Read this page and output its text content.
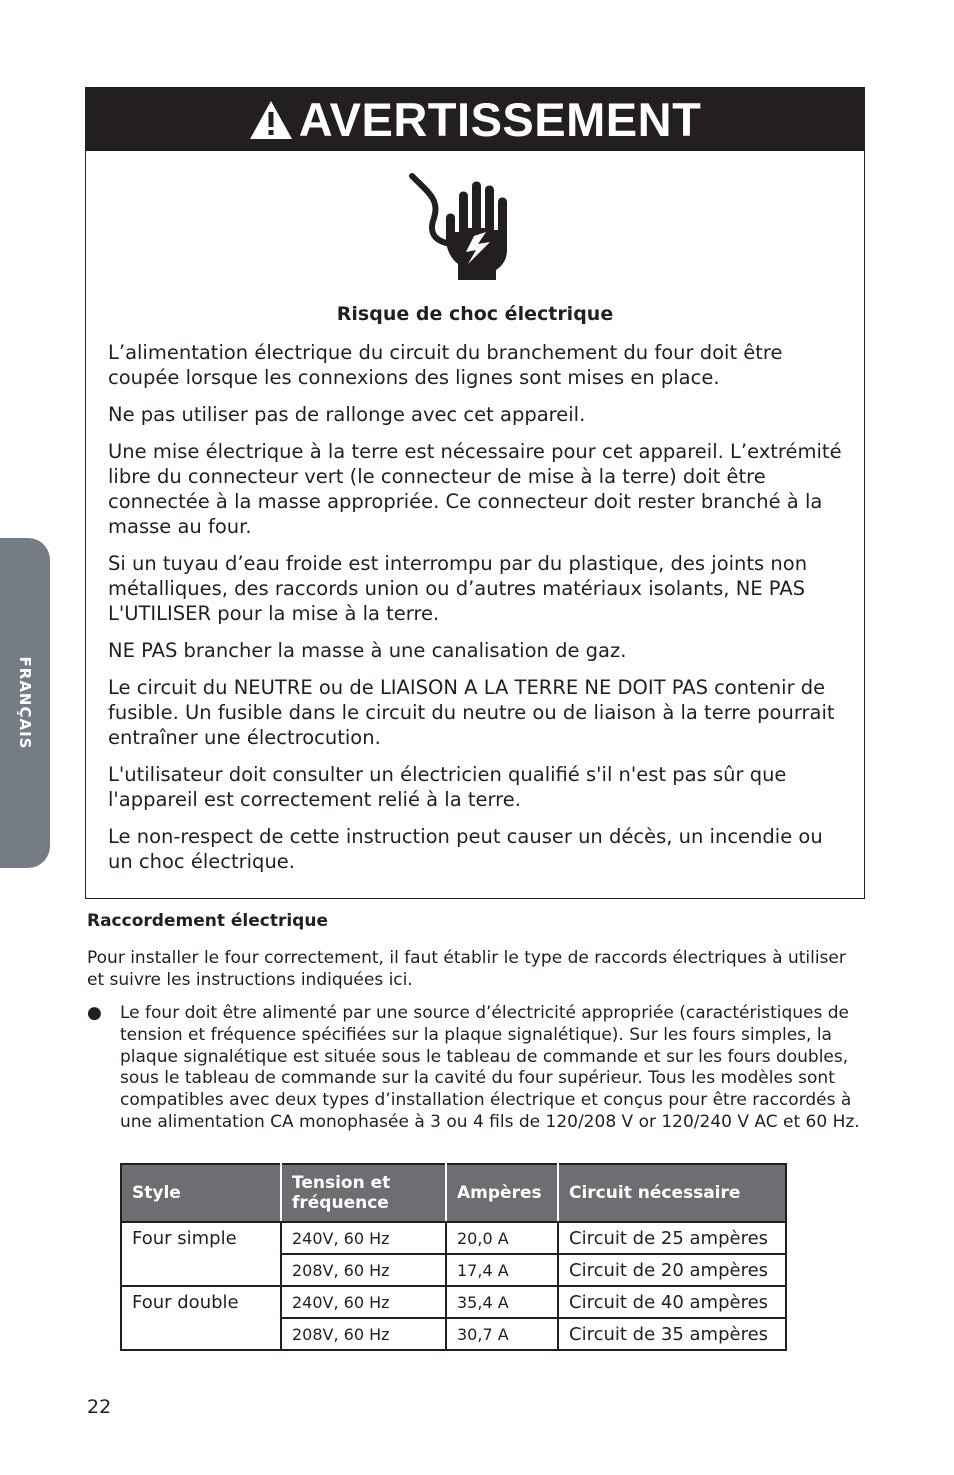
FRANÇAIS
AVERTISSEMENT
Risque de choc électrique

L’alimentation électrique du circuit du branchement du four doit être coupée lorsque les connexions des lignes sont mises en place.

Ne pas utiliser pas de rallonge avec cet appareil.

Une mise électrique à la terre est nécessaire pour cet appareil. L’extrémité libre du connecteur vert (le connecteur de mise à la terre) doit être connectée à la masse appropriée. Ce connecteur doit rester branché à la masse au four.

Si un tuyau d’eau froide est interrompu par du plastique, des joints non métalliques, des raccords union ou d’autres matériaux isolants, NE PAS L'UTILISER pour la mise à la terre.

NE PAS brancher la masse à une canalisation de gaz.

Le circuit du NEUTRE ou de LIAISON A LA TERRE NE DOIT PAS contenir de fusible. Un fusible dans le circuit du neutre ou de liaison à la terre pourrait entraîner une électrocution.

L'utilisateur doit consulter un électricien qualifié s'il n'est pas sûr que l'appareil est correctement relié à la terre.

Le non-respect de cette instruction peut causer un décès, un incendie ou un choc électrique.

Raccordement électrique
Pour installer le four correctement, il faut établir le type de raccords électriques à utiliser et suivre les instructions indiquées ici.
● Le four doit être alimenté par une source d’électricité appropriée (caractéristiques de tension et fréquence spécifiées sur la plaque signalétique). Sur les fours simples, la plaque signalétique est située sous le tableau de commande et sur les fours doubles, sous le tableau de commande sur la cavité du four supérieur. Tous les modèles sont compatibles avec deux types d’installation électrique et conçus pour être raccordés à une alimentation CA monophasée à 3 ou 4 fils de 120/208 V or 120/240 V AC et 60 Hz.
Style	Tension et fréquence	Ampères	Circuit nécessaire
Four simple	240V, 60 Hz	20,0 A	Circuit de 25 ampères
	208V, 60 Hz	17,4 A	Circuit de 20 ampères
Four double	240V, 60 Hz	35,4 A	Circuit de 40 ampères
	208V, 60 Hz	30,7 A	Circuit de 35 ampères
22
